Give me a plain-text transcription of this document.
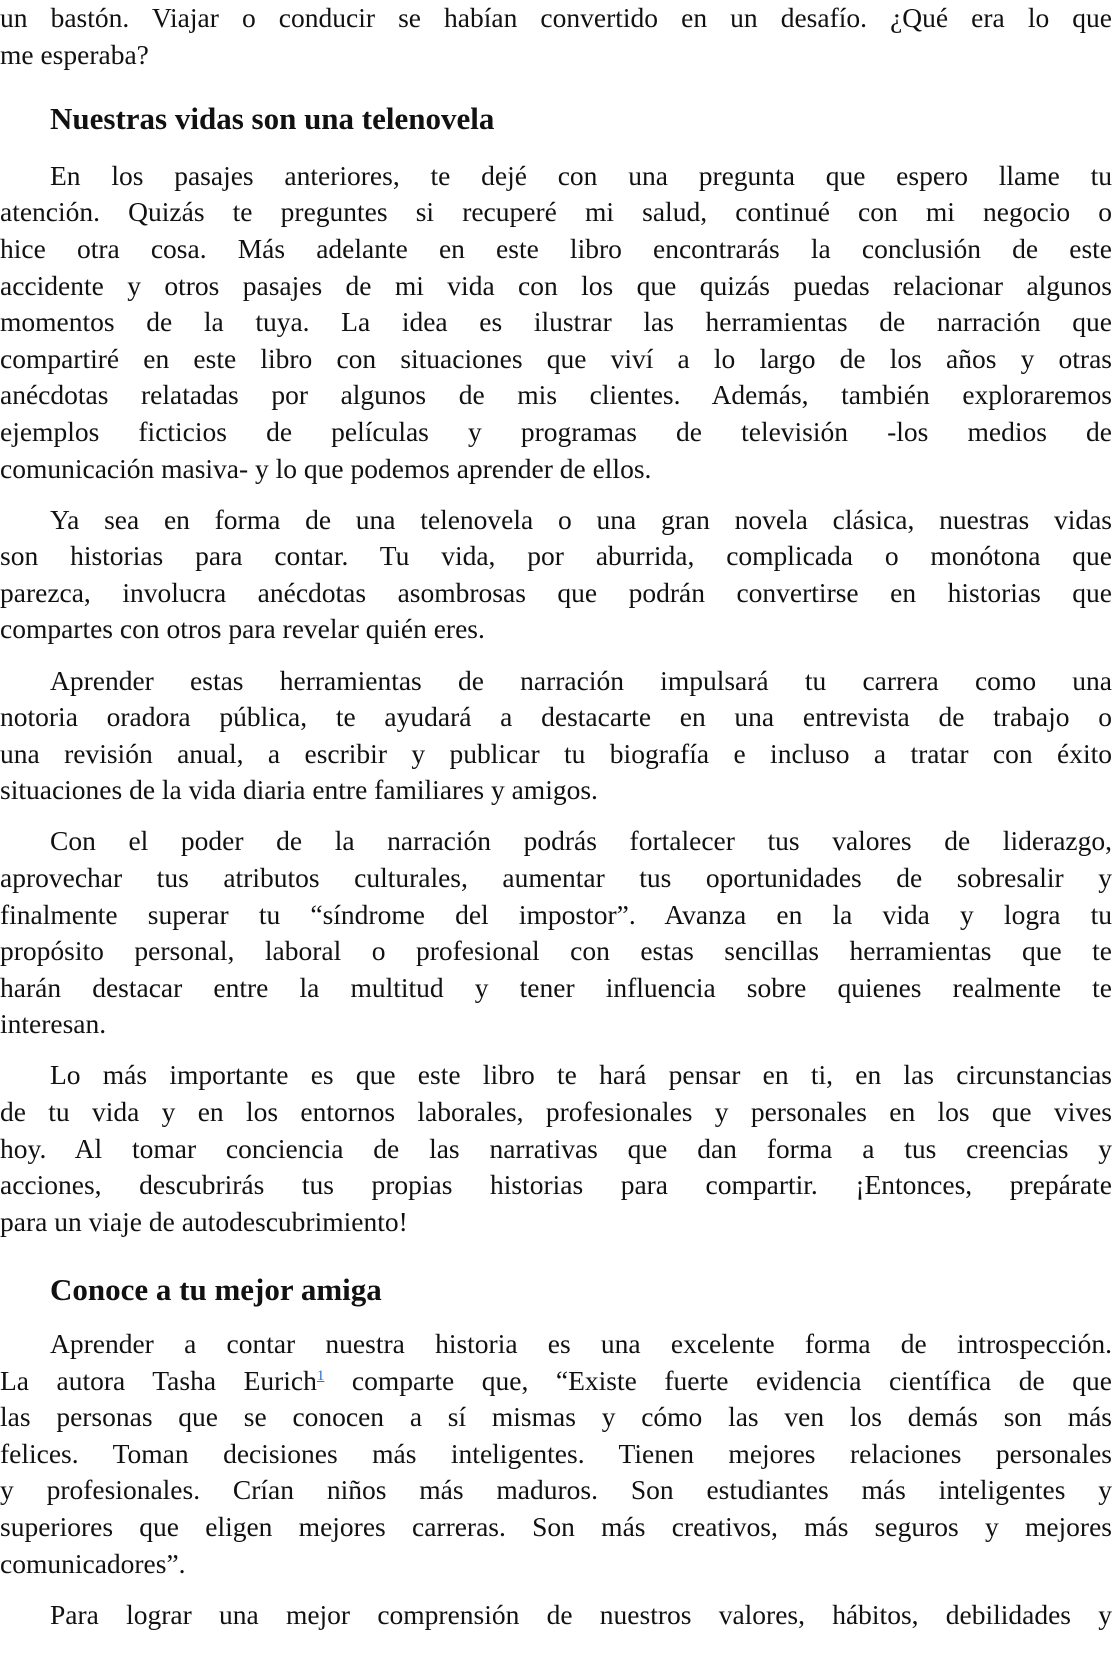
un bastón. Viajar o conducir se habían convertido en un desafío. ¿Qué era lo que
me esperaba?
Nuestras vidas son una telenovela
En los pasajes anteriores, te dejé con una pregunta que espero llame tu
atención. Quizás te preguntes si recuperé mi salud, continué con mi negocio o
hice otra cosa. Más adelante en este libro encontrarás la conclusión de este
accidente y otros pasajes de mi vida con los que quizás puedas relacionar algunos
momentos de la tuya. La idea es ilustrar las herramientas de narración que
compartiré en este libro con situaciones que viví a lo largo de los años y otras
anécdotas relatadas por algunos de mis clientes. Además, también exploraremos
ejemplos ficticios de películas y programas de televisión -los medios de
comunicación masiva- y lo que podemos aprender de ellos.
Ya sea en forma de una telenovela o una gran novela clásica, nuestras vidas
son historias para contar. Tu vida, por aburrida, complicada o monótona que
parezca, involucra anécdotas asombrosas que podrán convertirse en historias que
compartes con otros para revelar quién eres.
Aprender estas herramientas de narración impulsará tu carrera como una
notoria oradora pública, te ayudará a destacarte en una entrevista de trabajo o
una revisión anual, a escribir y publicar tu biografía e incluso a tratar con éxito
situaciones de la vida diaria entre familiares y amigos.
Con el poder de la narración podrás fortalecer tus valores de liderazgo,
aprovechar tus atributos culturales, aumentar tus oportunidades de sobresalir y
finalmente superar tu “síndrome del impostor”. Avanza en la vida y logra tu
propósito personal, laboral o profesional con estas sencillas herramientas que te
harán destacar entre la multitud y tener influencia sobre quienes realmente te
interesan.
Lo más importante es que este libro te hará pensar en ti, en las circunstancias
de tu vida y en los entornos laborales, profesionales y personales en los que vives
hoy. Al tomar conciencia de las narrativas que dan forma a tus creencias y
acciones, descubrirás tus propias historias para compartir. ¡Entonces, prepárate
para un viaje de autodescubrimiento!
Conoce a tu mejor amiga
Aprender a contar nuestra historia es una excelente forma de introspección.
La autora Tasha Eurich$^1$ comparte que, “Existe fuerte evidencia científica de que
las personas que se conocen a sí mismas y cómo las ven los demás son más
felices. Toman decisiones más inteligentes. Tienen mejores relaciones personales
y profesionales. Crían niños más maduros. Son estudiantes más inteligentes y
superiores que eligen mejores carreras. Son más creativos, más seguros y mejores
comunicadores”.
Para lograr una mejor comprensión de nuestros valores, hábitos, debilidades y
